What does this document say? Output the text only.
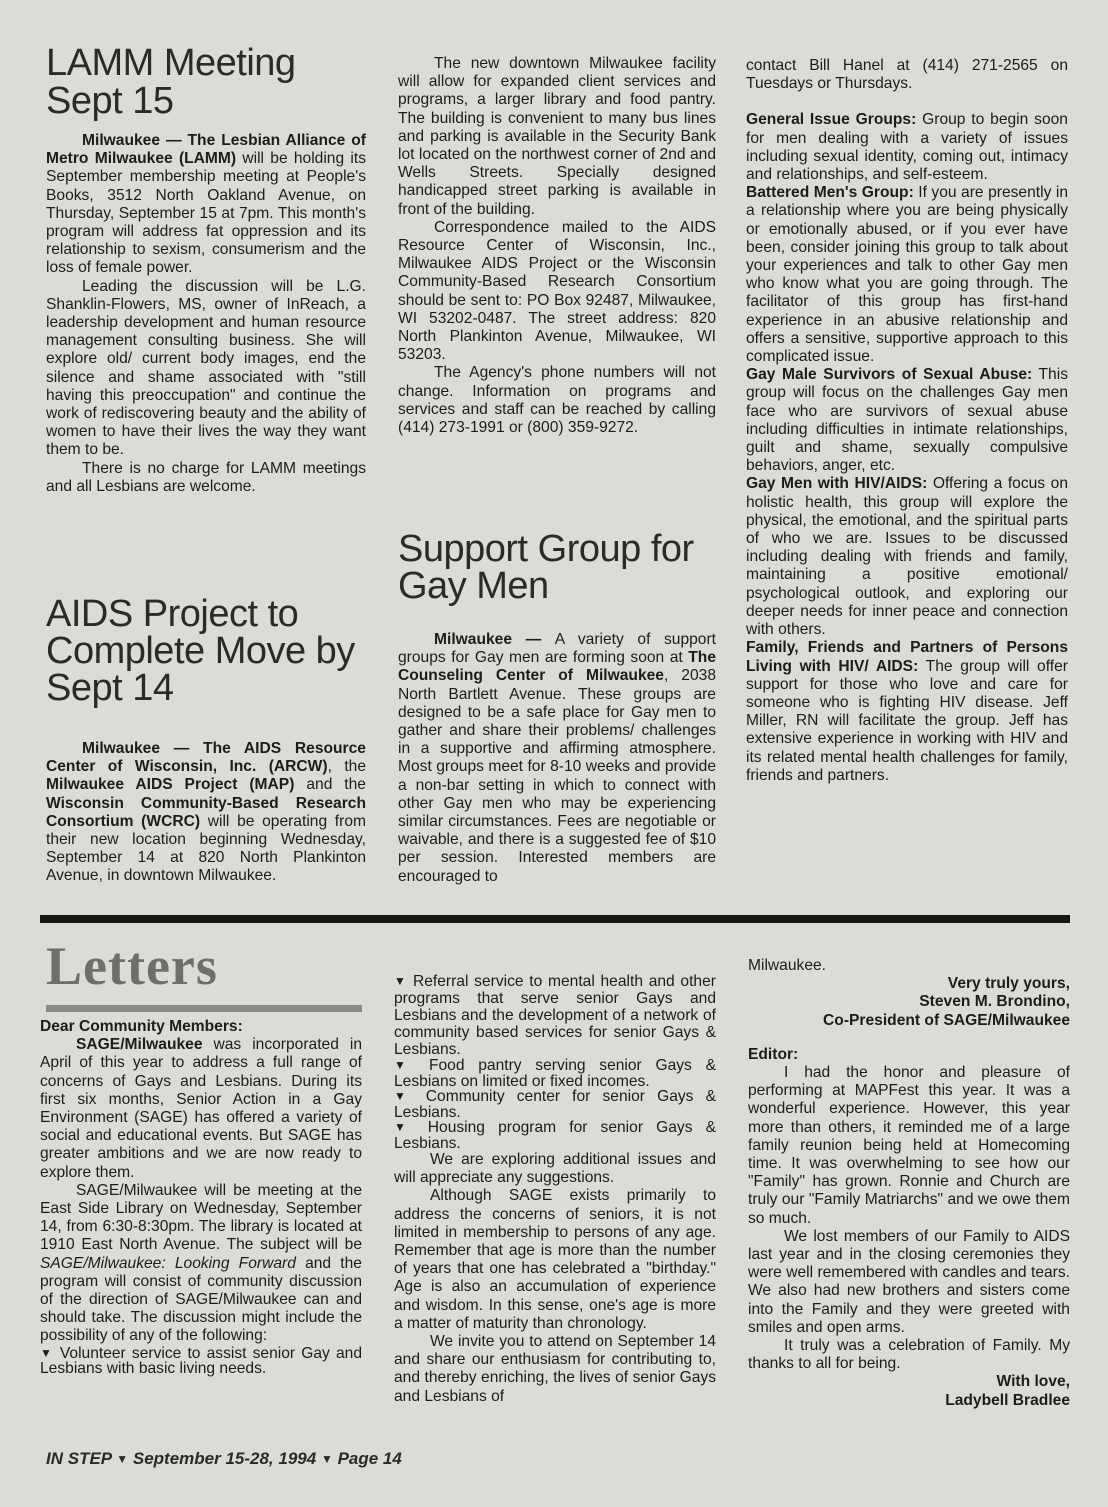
LAMM Meeting Sept 15

Milwaukee — The Lesbian Alliance of Metro Milwaukee (LAMM) will be holding its September membership meeting at People's Books, 3512 North Oakland Avenue, on Thursday, September 15 at 7pm. This month's program will address fat oppression and its relationship to sexism, consumerism and the loss of female power.

Leading the discussion will be L.G. Shanklin-Flowers, MS, owner of InReach, a leadership development and human resource management consulting business. She will explore old/ current body images, end the silence and shame associated with "still having this preoccupation" and continue the work of rediscovering beauty and the ability of women to have their lives the way they want them to be.

There is no charge for LAMM meetings and all Lesbians are welcome.

AIDS Project to Complete Move by Sept 14

Milwaukee — The AIDS Resource Center of Wisconsin, Inc. (ARCW), the Milwaukee AIDS Project (MAP) and the Wisconsin Community-Based Research Consortium (WCRC) will be operating from their new location beginning Wednesday, September 14 at 820 North Plankinton Avenue, in downtown Milwaukee.

The new downtown Milwaukee facility will allow for expanded client services and programs, a larger library and food pantry. The building is convenient to many bus lines and parking is available in the Security Bank lot located on the northwest corner of 2nd and Wells Streets. Specially designed handicapped street parking is available in front of the building.

Correspondence mailed to the AIDS Resource Center of Wisconsin, Inc., Milwaukee AIDS Project or the Wisconsin Community-Based Research Consortium should be sent to: PO Box 92487, Milwaukee, WI 53202-0487. The street address: 820 North Plankinton Avenue, Milwaukee, WI 53203.

The Agency's phone numbers will not change. Information on programs and services and staff can be reached by calling (414) 273-1991 or (800) 359-9272.

Support Group for Gay Men

Milwaukee — A variety of support groups for Gay men are forming soon at The Counseling Center of Milwaukee, 2038 North Bartlett Avenue. These groups are designed to be a safe place for Gay men to gather and share their problems/ challenges in a supportive and affirming atmosphere. Most groups meet for 8-10 weeks and provide a non-bar setting in which to connect with other Gay men who may be experiencing similar circumstances. Fees are negotiable or waivable, and there is a suggested fee of $10 per session. Interested members are encouraged to

contact Bill Hanel at (414) 271-2565 on Tuesdays or Thursdays.

General Issue Groups: Group to begin soon for men dealing with a variety of issues including sexual identity, coming out, intimacy and relationships, and self-esteem.

Battered Men's Group: If you are presently in a relationship where you are being physically or emotionally abused, or if you ever have been, consider joining this group to talk about your experiences and talk to other Gay men who know what you are going through. The facilitator of this group has first-hand experience in an abusive relationship and offers a sensitive, supportive approach to this complicated issue.

Gay Male Survivors of Sexual Abuse: This group will focus on the challenges Gay men face who are survivors of sexual abuse including difficulties in intimate relationships, guilt and shame, sexually compulsive behaviors, anger, etc.

Gay Men with HIV/AIDS: Offering a focus on holistic health, this group will explore the physical, the emotional, and the spiritual parts of who we are. Issues to be discussed including dealing with friends and family, maintaining a positive emotional/ psychological outlook, and exploring our deeper needs for inner peace and connection with others.

Family, Friends and Partners of Persons Living with HIV/ AIDS: The group will offer support for those who love and care for someone who is fighting HIV disease. Jeff Miller, RN will facilitate the group. Jeff has extensive experience in working with HIV and its related mental health challenges for family, friends and partners.

Letters

Dear Community Members:

SAGE/Milwaukee was incorporated in April of this year to address a full range of concerns of Gays and Lesbians. During its first six months, Senior Action in a Gay Environment (SAGE) has offered a variety of social and educational events. But SAGE has greater ambitions and we are now ready to explore them.

SAGE/Milwaukee will be meeting at the East Side Library on Wednesday, September 14, from 6:30-8:30pm. The library is located at 1910 East North Avenue. The subject will be SAGE/Milwaukee: Looking Forward and the program will consist of community discussion of the direction of SAGE/Milwaukee can and should take. The discussion might include the possibility of any of the following:

▼ Volunteer service to assist senior Gay and Lesbians with basic living needs.

▼ Referral service to mental health and other programs that serve senior Gays and Lesbians and the development of a network of community based services for senior Gays & Lesbians.

▼ Food pantry serving senior Gays & Lesbians on limited or fixed incomes.

▼ Community center for senior Gays & Lesbians.

▼ Housing program for senior Gays & Lesbians.

We are exploring additional issues and will appreciate any suggestions.

Although SAGE exists primarily to address the concerns of seniors, it is not limited in membership to persons of any age. Remember that age is more than the number of years that one has celebrated a "birthday." Age is also an accumulation of experience and wisdom. In this sense, one's age is more a matter of maturity than chronology.

We invite you to attend on September 14 and share our enthusiasm for contributing to, and thereby enriching, the lives of senior Gays and Lesbians of

Milwaukee.

Very truly yours,

Steven M. Brondino,

Co-President of SAGE/Milwaukee

Editor:

I had the honor and pleasure of performing at MAPFest this year. It was a wonderful experience. However, this year more than others, it reminded me of a large family reunion being held at Homecoming time. It was overwhelming to see how our "Family" has grown. Ronnie and Church are truly our "Family Matriarchs" and we owe them so much.

We lost members of our Family to AIDS last year and in the closing ceremonies they were well remembered with candles and tears. We also had new brothers and sisters come into the Family and they were greeted with smiles and open arms.

It truly was a celebration of Family. My thanks to all for being.

With love,

Ladybell Bradlee

IN STEP ▼ September 15-28, 1994 ▼ Page 14
